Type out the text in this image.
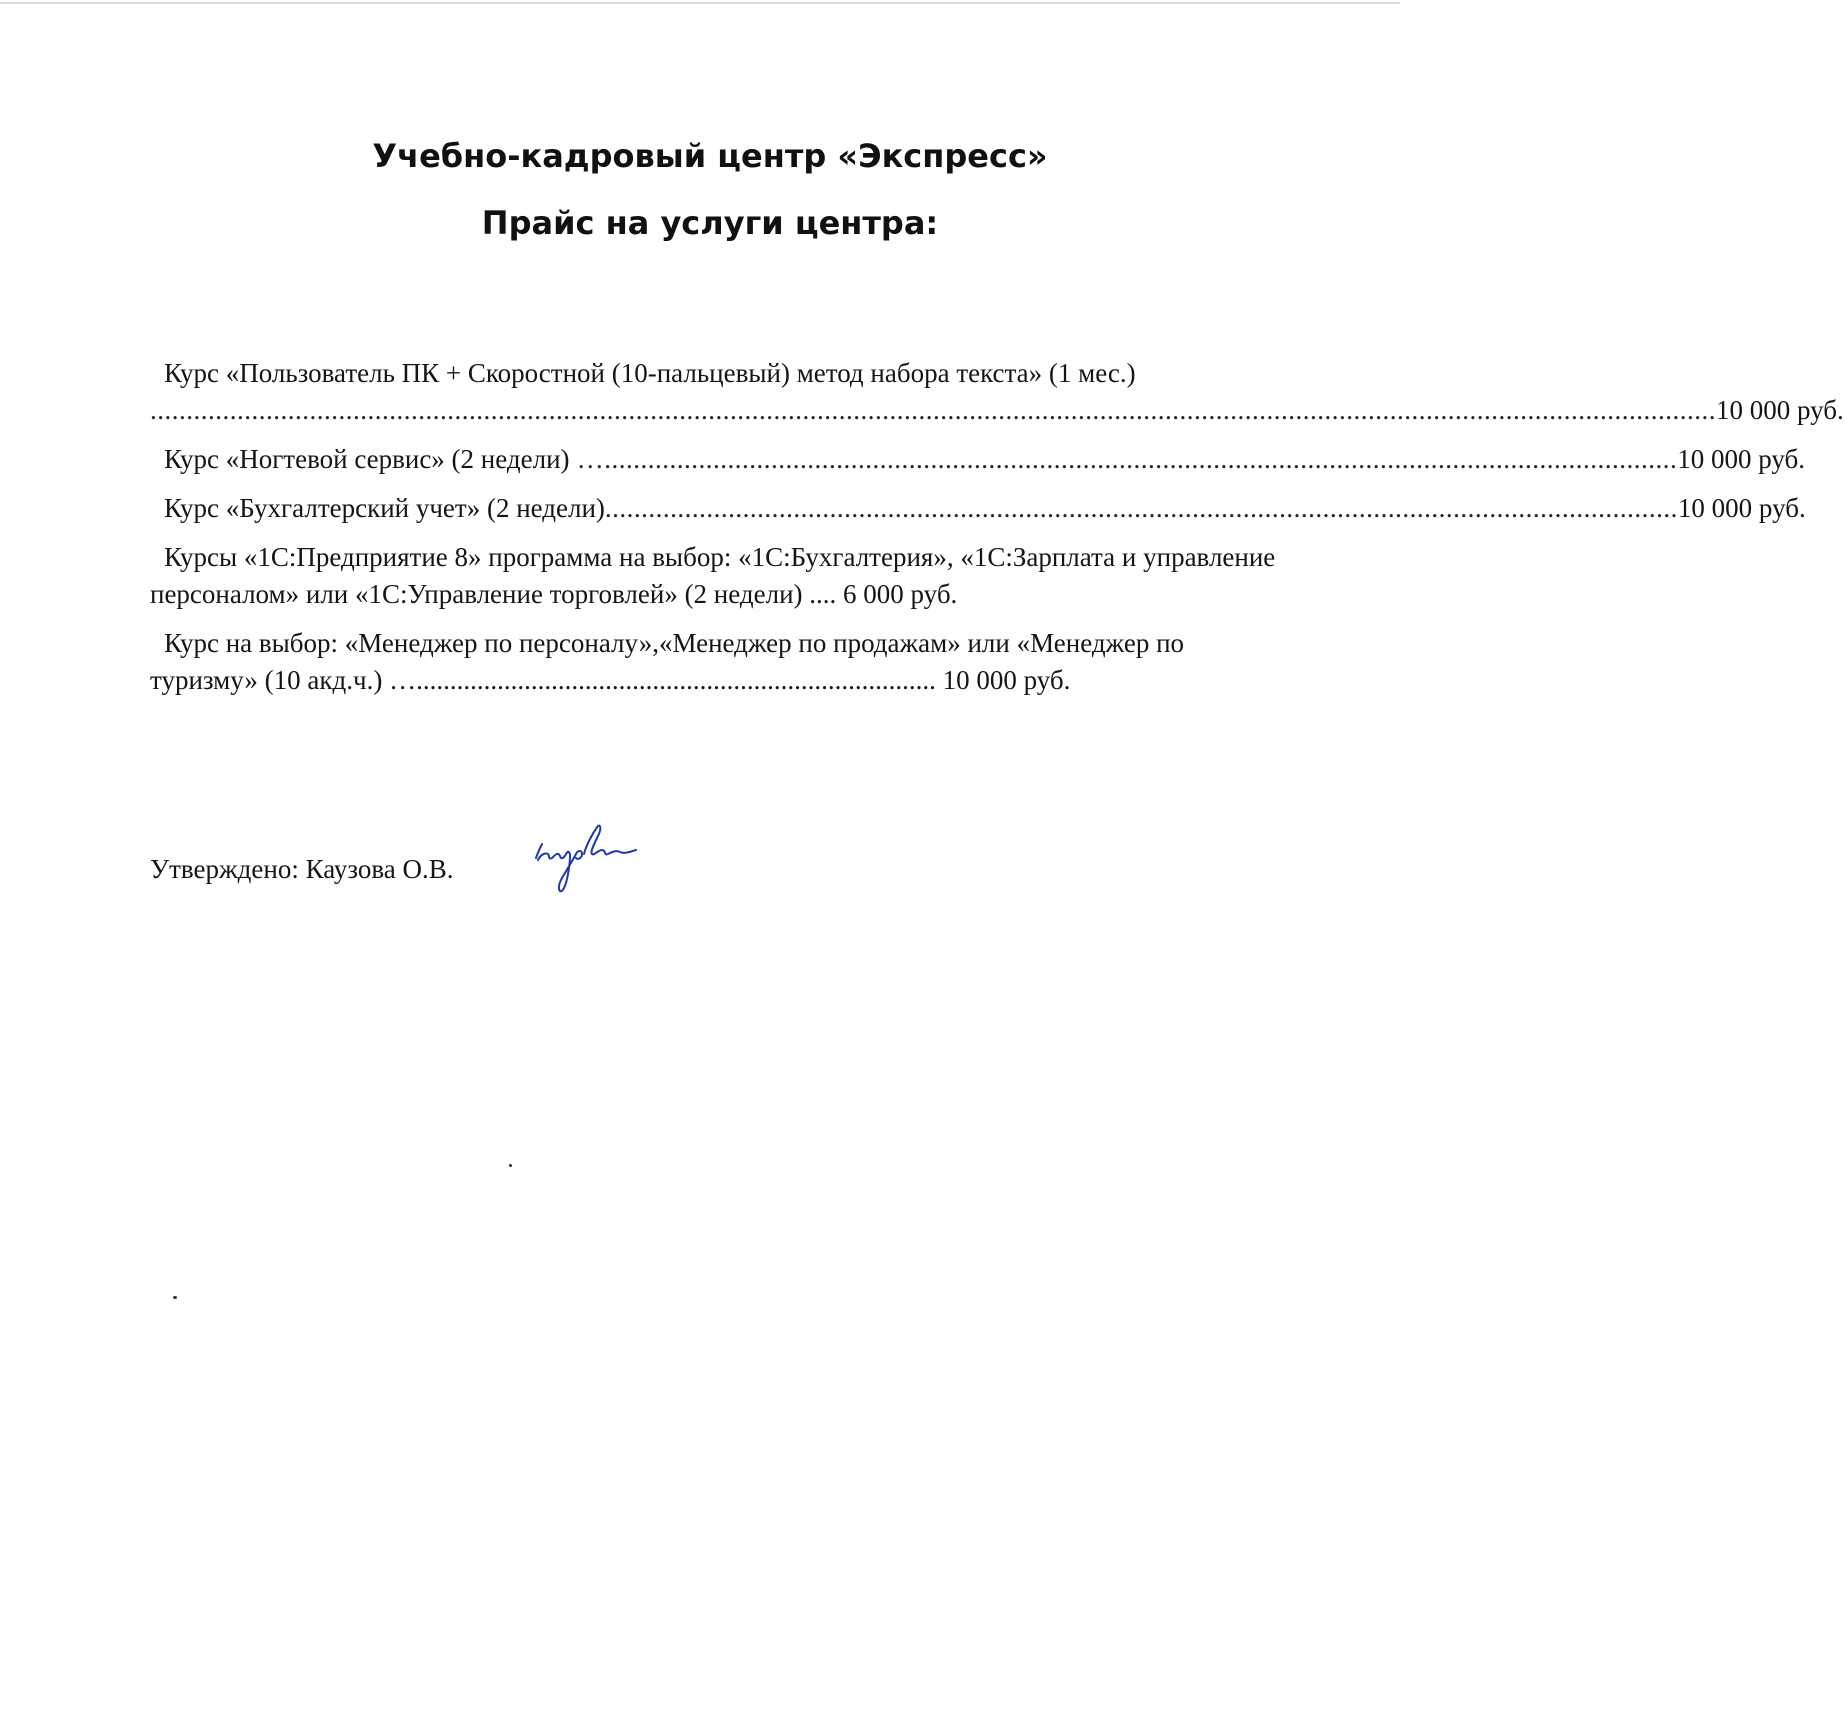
Учебно-кадровый центр «Экспресс»
Прайс на услуги центра:
Курс «Пользователь ПК + Скоростной (10-пальцевый) метод набора текста» (1 мес.)
........................................................................................................................................................................................................................ 10 000 руб.
Курс «Ногтевой сервис» (2 недели) ….................................................................................................................................................... 10 000 руб.
Курс «Бухгалтерский учет» (2 недели) .................................................................................................................................................... 10 000 руб.
Курсы «1С:Предприятие 8» программа на выбор: «1С:Бухгалтерия», «1С:Зарплата и управление персоналом» или «1С:Управление торговлей» (2 недели) .... 6 000 руб.
Курс на выбор: «Менеджер по персоналу»,«Менеджер по продажам» или «Менеджер по туризму» (10 акд.ч.) …............................................................................. 10 000 руб.
Утверждено: Каузова О.В.
